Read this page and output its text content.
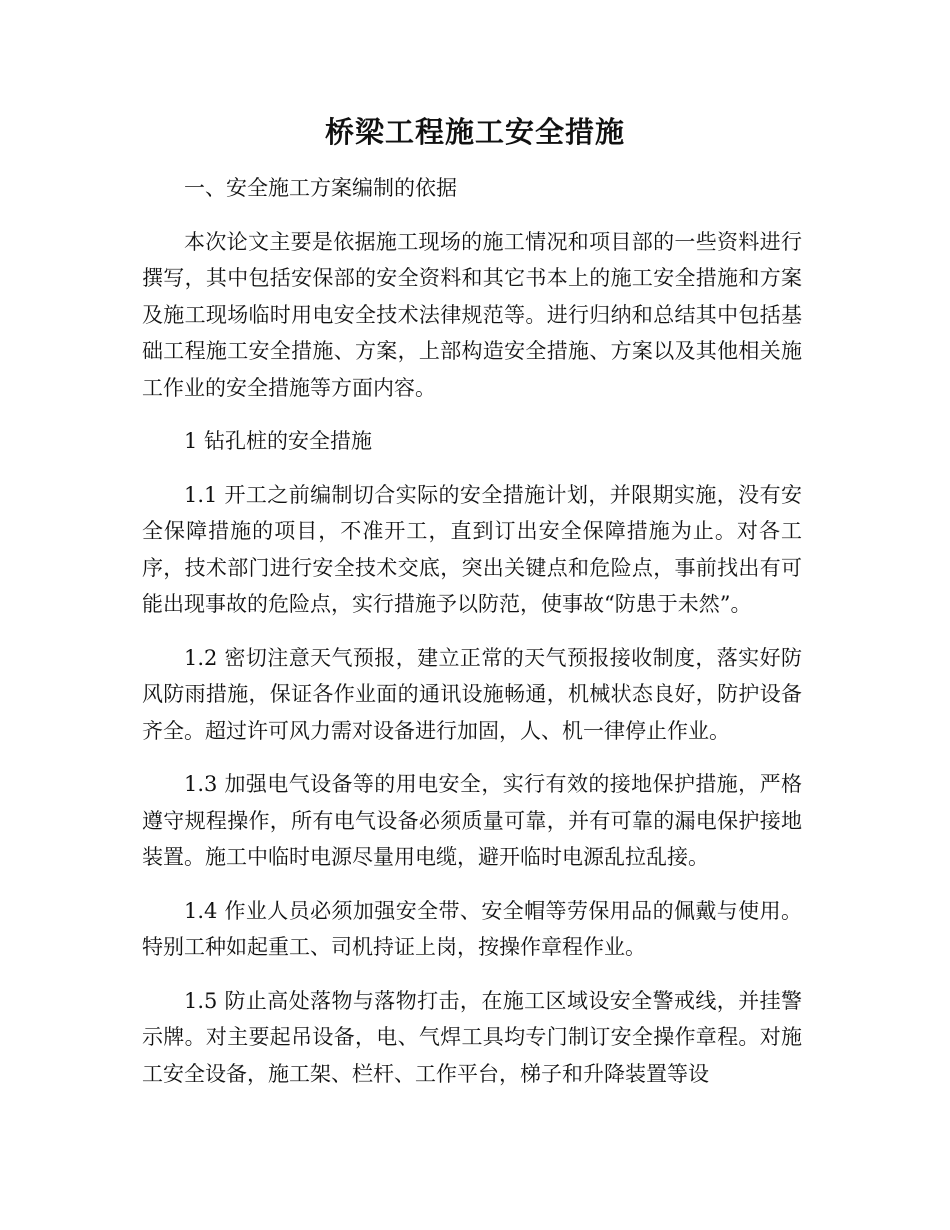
桥梁工程施工安全措施

一、安全施工方案编制的依据

本次论文主要是依据施工现场的施工情况和项目部的一些资料进行撰写，其中包括安保部的安全资料和其它书本上的施工安全措施和方案及施工现场临时用电安全技术法律规范等。进行归纳和总结其中包括基础工程施工安全措施、方案，上部构造安全措施、方案以及其他相关施工作业的安全措施等方面内容。

1 钻孔桩的安全措施

1.1 开工之前编制切合实际的安全措施计划，并限期实施，没有安全保障措施的项目，不准开工，直到订出安全保障措施为止。对各工序，技术部门进行安全技术交底，突出关键点和危险点，事前找出有可能出现事故的危险点，实行措施予以防范，使事故“防患于未然”。

1.2 密切注意天气预报，建立正常的天气预报接收制度，落实好防风防雨措施，保证各作业面的通讯设施畅通，机械状态良好，防护设备齐全。超过许可风力需对设备进行加固，人、机一律停止作业。

1.3 加强电气设备等的用电安全，实行有效的接地保护措施，严格遵守规程操作，所有电气设备必须质量可靠，并有可靠的漏电保护接地装置。施工中临时电源尽量用电缆，避开临时电源乱拉乱接。

1.4 作业人员必须加强安全带、安全帽等劳保用品的佩戴与使用。特别工种如起重工、司机持证上岗，按操作章程作业。

1.5 防止高处落物与落物打击，在施工区域设安全警戒线，并挂警示牌。对主要起吊设备，电、气焊工具均专门制订安全操作章程。对施工安全设备，施工架、栏杆、工作平台，梯子和升降装置等设
